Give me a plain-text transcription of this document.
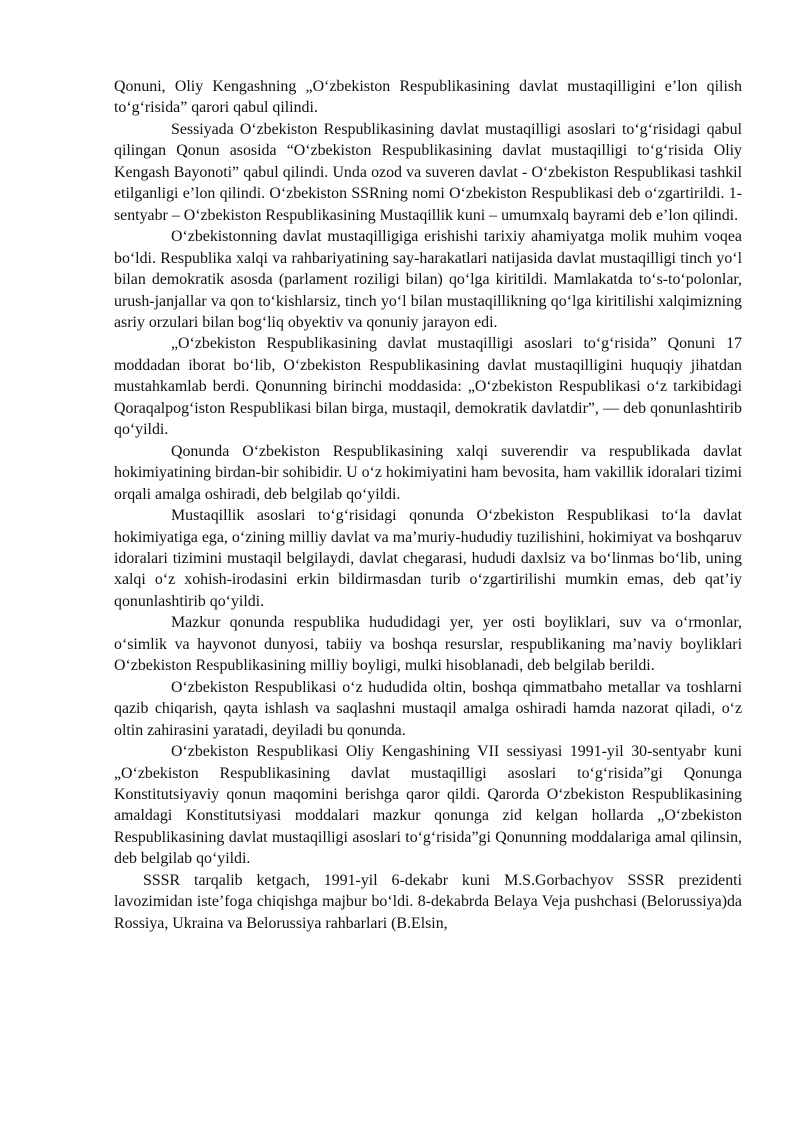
Qonuni, Oliy Kengashning „O‘zbekiston Respublikasining davlat mustaqilligini e’lon qilish to‘g‘risida” qarori qabul qilindi.

Sessiyada O‘zbekiston Respublikasining davlat mustaqilligi asoslari to‘g‘risidagi qabul qilingan Qonun asosida “O‘zbekiston Respublikasining davlat mustaqilligi to‘g‘risida Oliy Kengash Bayonoti” qabul qilindi. Unda ozod va suveren davlat - O‘zbekiston Respublikasi tashkil etilganligi e’lon qilindi. O‘zbekiston SSRning nomi O‘zbekiston Respublikasi deb o‘zgartirildi. 1-sentyabr – O‘zbekiston Respublikasining Mustaqillik kuni – umumxalq bayrami deb e’lon qilindi.

O‘zbekistonning davlat mustaqilligiga erishishi tarixiy ahamiyatga molik muhim voqea bo‘ldi. Respublika xalqi va rahbariyatining say-harakatlari natijasida davlat mustaqilligi tinch yo‘l bilan demokratik asosda (parlament roziligi bilan) qo‘lga kiritildi. Mamlakatda to‘s-to‘polonlar, urush-janjallar va qon to‘kishlarsiz, tinch yo‘l bilan mustaqillikning qo‘lga kiritilishi xalqimizning asriy orzulari bilan bog‘liq obyektiv va qonuniy jarayon edi.

„O‘zbekiston Respublikasining davlat mustaqilligi asoslari to‘g‘risida” Qonuni 17 moddadan iborat bo‘lib, O‘zbekiston Respublikasining davlat mustaqilligini huquqiy jihatdan mustahkamlab berdi. Qonunning birinchi moddasida: „O‘zbekiston Respublikasi o‘z tarkibidagi Qoraqalpog‘iston Respublikasi bilan birga, mustaqil, demokratik davlatdir”, — deb qonunlashtirib qo‘yildi.

Qonunda O‘zbekiston Respublikasining xalqi suverendir va respublikada davlat hokimiyatining birdan-bir sohibidir. U o‘z hokimiyatini ham bevosita, ham vakillik idoralari tizimi orqali amalga oshiradi, deb belgilab qo‘yildi.

Mustaqillik asoslari to‘g‘risidagi qonunda O‘zbekiston Respublikasi to‘la davlat hokimiyatiga ega, o‘zining milliy davlat va ma’muriy-hududiy tuzilishini, hokimiyat va boshqaruv idoralari tizimini mustaqil belgilaydi, davlat chegarasi, hududi daxlsiz va bo‘linmas bo‘lib, uning xalqi o‘z xohish-irodasini erkin bildirmasdan turib o‘zgartirilishi mumkin emas, deb qat’iy qonunlashtirib qo‘yildi.

Mazkur qonunda respublika hududidagi yer, yer osti boyliklari, suv va o‘rmonlar, o‘simlik va hayvonot dunyosi, tabiiy va boshqa resurslar, respublikaning ma’naviy boyliklari O‘zbekiston Respublikasining milliy boyligi, mulki hisoblanadi, deb belgilab berildi.

O‘zbekiston Respublikasi o‘z hududida oltin, boshqa qimmatbaho metallar va toshlarni qazib chiqarish, qayta ishlash va saqlashni mustaqil amalga oshiradi hamda nazorat qiladi, o‘z oltin zahirasini yaratadi, deyiladi bu qonunda.

O‘zbekiston Respublikasi Oliy Kengashining VII sessiyasi 1991-yil 30-sentyabr kuni „O‘zbekiston Respublikasining davlat mustaqilligi asoslari to‘g‘risida”gi Qonunga Konstitutsiyaviy qonun maqomini berishga qaror qildi. Qarorda O‘zbekiston Respublikasining amaldagi Konstitutsiyasi moddalari mazkur qonunga zid kelgan hollarda „O‘zbekiston Respublikasining davlat mustaqilligi asoslari to‘g‘risida”gi Qonunning moddalariga amal qilinsin, deb belgilab qo‘yildi.

SSSR tarqalib ketgach, 1991-yil 6-dekabr kuni M.S.Gorbachyov SSSR prezidenti lavozimidan iste’foga chiqishga majbur bo‘ldi. 8-dekabrda Belaya Veja pushchasi (Belorussiya)da Rossiya, Ukraina va Belorussiya rahbarlari (B.Elsin,
